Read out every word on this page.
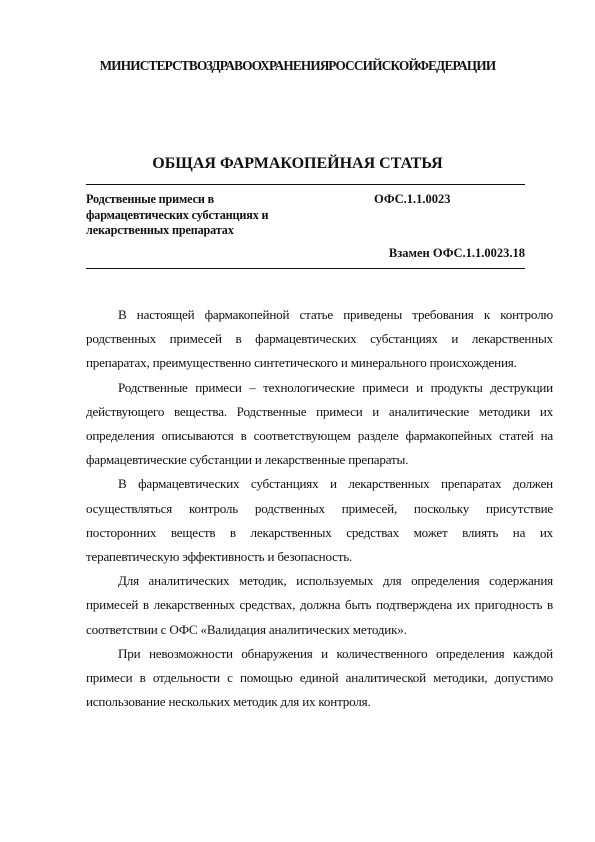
МИНИСТЕРСТВО ЗДРАВООХРАНЕНИЯ РОССИЙСКОЙ ФЕДЕРАЦИИ
ОБЩАЯ ФАРМАКОПЕЙНАЯ СТАТЬЯ
Родственные примеси в
фармацевтических субстанциях и
лекарственных препаратах
ОФС.1.1.0023
Взамен ОФС.1.1.0023.18

В настоящей фармакопейной статье приведены требования к контролю родственных примесей в фармацевтических субстанциях и лекарственных препаратах, преимущественно синтетического и минерального происхождения.

Родственные примеси – технологические примеси и продукты деструкции действующего вещества. Родственные примеси и аналитические методики их определения описываются в соответствующем разделе фармакопейных статей на фармацевтические субстанции и лекарственные препараты.

В фармацевтических субстанциях и лекарственных препаратах должен осуществляться контроль родственных примесей, поскольку присутствие посторонних веществ в лекарственных средствах может влиять на их терапевтическую эффективность и безопасность.

Для аналитических методик, используемых для определения содержания примесей в лекарственных средствах, должна быть подтверждена их пригодность в соответствии с ОФС «Валидация аналитических методик».

При невозможности обнаружения и количественного определения каждой примеси в отдельности с помощью единой аналитической методики, допустимо использование нескольких методик для их контроля.
